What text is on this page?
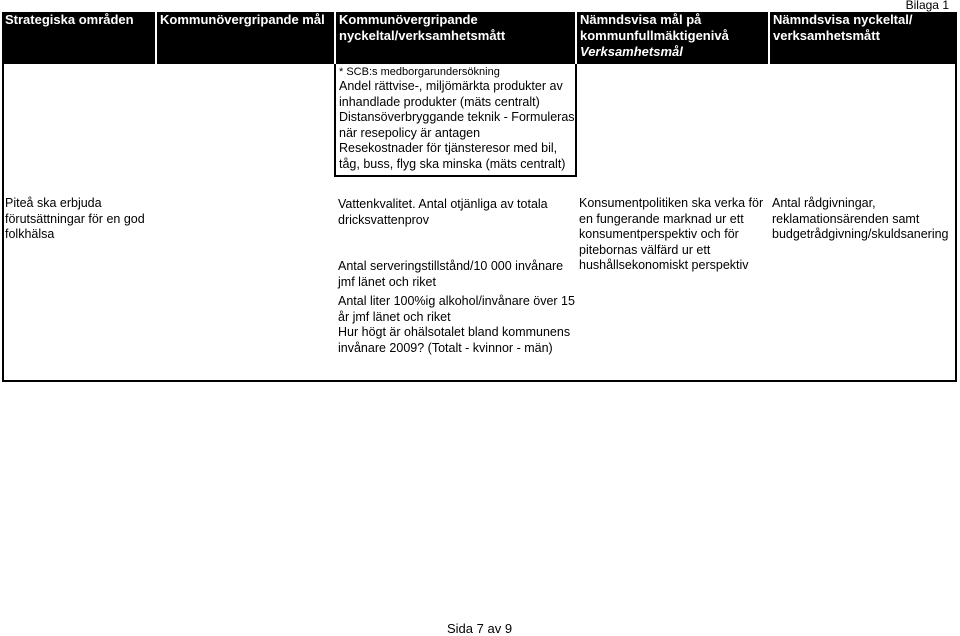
Bilaga 1
Strategiska områden	Kommunövergripande mål	Kommunövergripande
nyckeltal/verksamhetsmått	Nämndsvisa mål på
kommunfullmäktigenivå
Verksamhetsmål	Nämndsvisa nyckeltal/
verksamhetsmått

		* SCB:s medborgarundersökning
Andel rättvise-, miljömärkta produkter av inhandlade produkter (mäts centralt)
Distansöverbryggande teknik - Formuleras när resepolicy är antagen
Resekostnader för tjänsteresor med bil, tåg, buss, flyg ska minska (mäts centralt)		

Piteå ska erbjuda förutsättningar för en god folkhälsa		Vattenkvalitet. Antal otjänliga av totala dricksvattenprov
Antal serveringstillstånd/10 000 invånare jmf länet och riket
Antal liter 100%ig alkohol/invånare över 15 år jmf länet och riket
Hur högt är ohälsotalet bland kommunens invånare 2009? (Totalt - kvinnor - män)	Konsumentpolitiken ska verka för en fungerande marknad ur ett konsumentperspektiv och för pitebornas välfärd ur ett hushållsekonomiskt perspektiv	Antal rådgivningar, reklamationsärenden samt budgetrådgivning/skuldsanering
Sida 7 av 9
